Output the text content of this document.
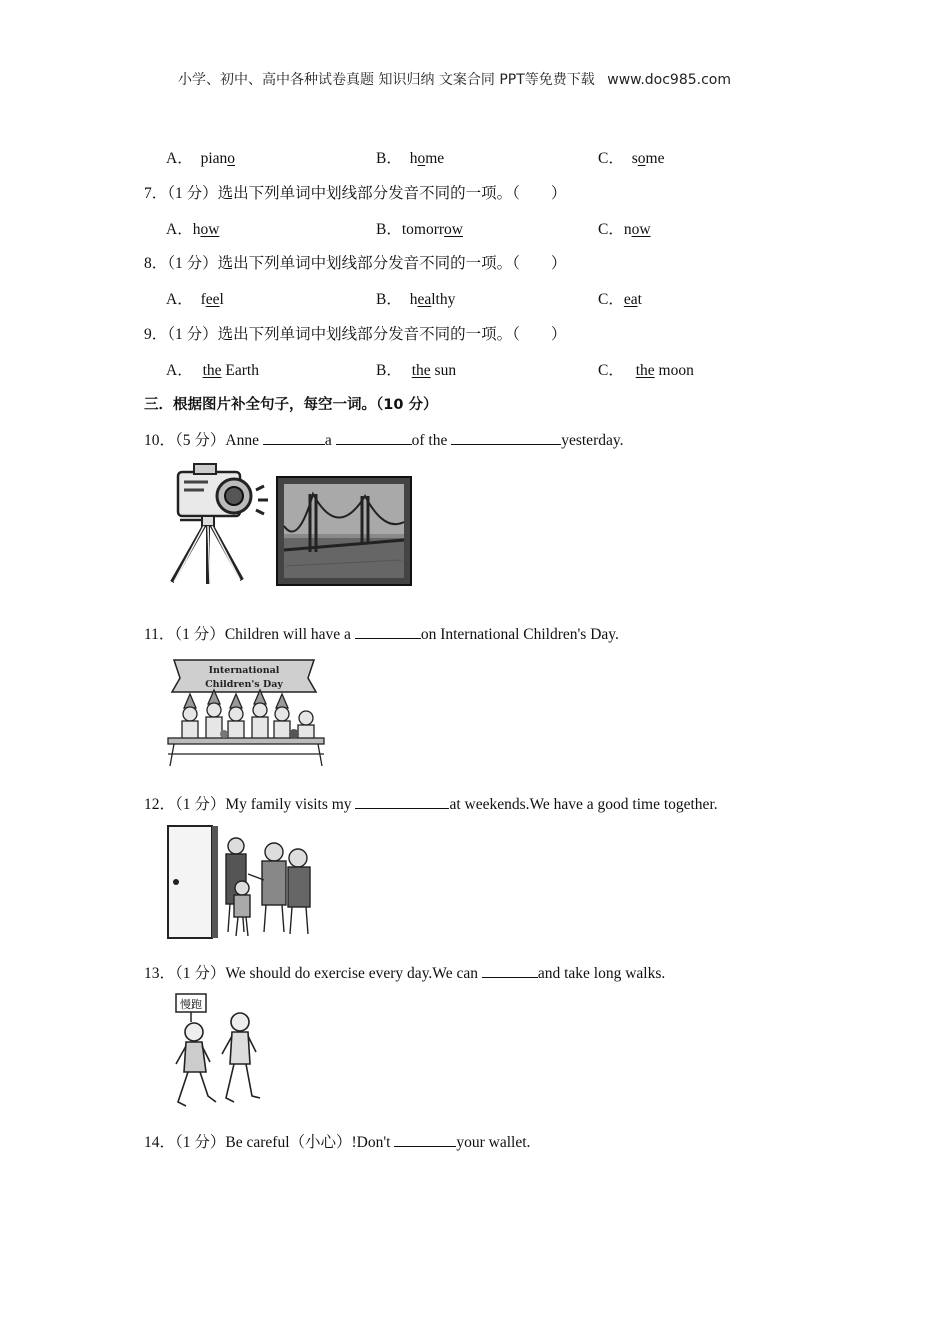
小学、初中、高中各种试卷真题 知识归纳 文案合同 PPT等免费下载 www.doc985.com
A． piano	B． home	C． some
7．（1 分）选出下列单词中划线部分发音不同的一项。（　　）
A．how	B．tomorrow	C．now
8．（1 分）选出下列单词中划线部分发音不同的一项。（　　）
A． feel	B． healthy	C．eat
9．（1 分）选出下列单词中划线部分发音不同的一项。（　　）
A． the Earth	B． the sun	C． the moon
三．根据图片补全句子，每空一词。（10 分）
10．（5 分）Anne	a	of the	yesterday.
11．（1 分）Children will have a	on International Children's Day.
International
Children's Day
12．（1 分）My family visits my	at weekends.We have a good time together.
13．（1 分）We should do exercise every day.We can	and take long walks.
慢跑
14．（1 分）Be careful（小心）!Don't	your wallet.
